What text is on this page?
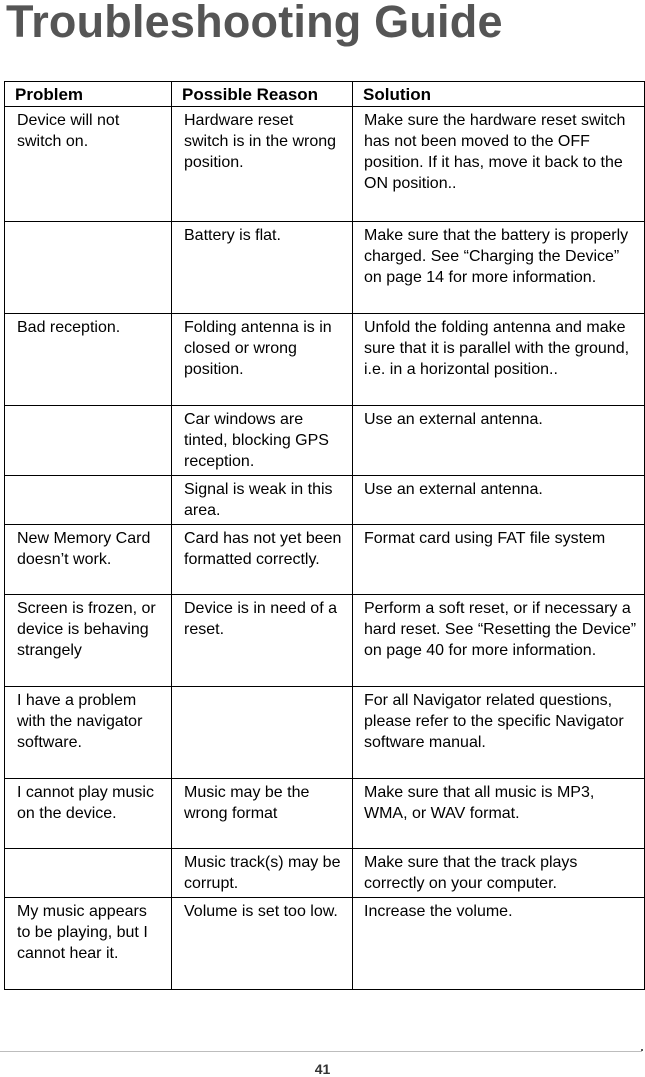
Troubleshooting Guide
Problem	Possible Reason	Solution
Device will not switch on.	Hardware reset switch is in the wrong position.	Make sure the hardware reset switch has not been moved to the OFF position. If it has, move it back to the ON position..
	Battery is flat.	Make sure that the battery is properly charged. See “Charging the Device” on page 14 for more information.
Bad reception.	Folding antenna is in closed or wrong position.	Unfold the folding antenna and make sure that it is parallel with the ground, i.e. in a horizontal position..
	Car windows are tinted, blocking GPS reception.	Use an external antenna.
	Signal is weak in this area.	Use an external antenna.
New Memory Card doesn’t work.	Card has not yet been formatted correctly.	Format card using FAT file system
Screen is frozen, or device is behaving strangely	Device is in need of a reset.	Perform a soft reset, or if necessary a hard reset. See “Resetting the Device” on page 40 for more information.
I have a problem with the navigator software.		For all Navigator related questions, please refer to the specific Navigator software manual.
I cannot play music on the device.	Music may be the wrong format	Make sure that all music is MP3, WMA, or WAV format.
	Music track(s) may be corrupt.	Make sure that the track plays correctly on your computer.
My music appears to be playing, but I cannot hear it.	Volume is set too low.	Increase the volume.
41
